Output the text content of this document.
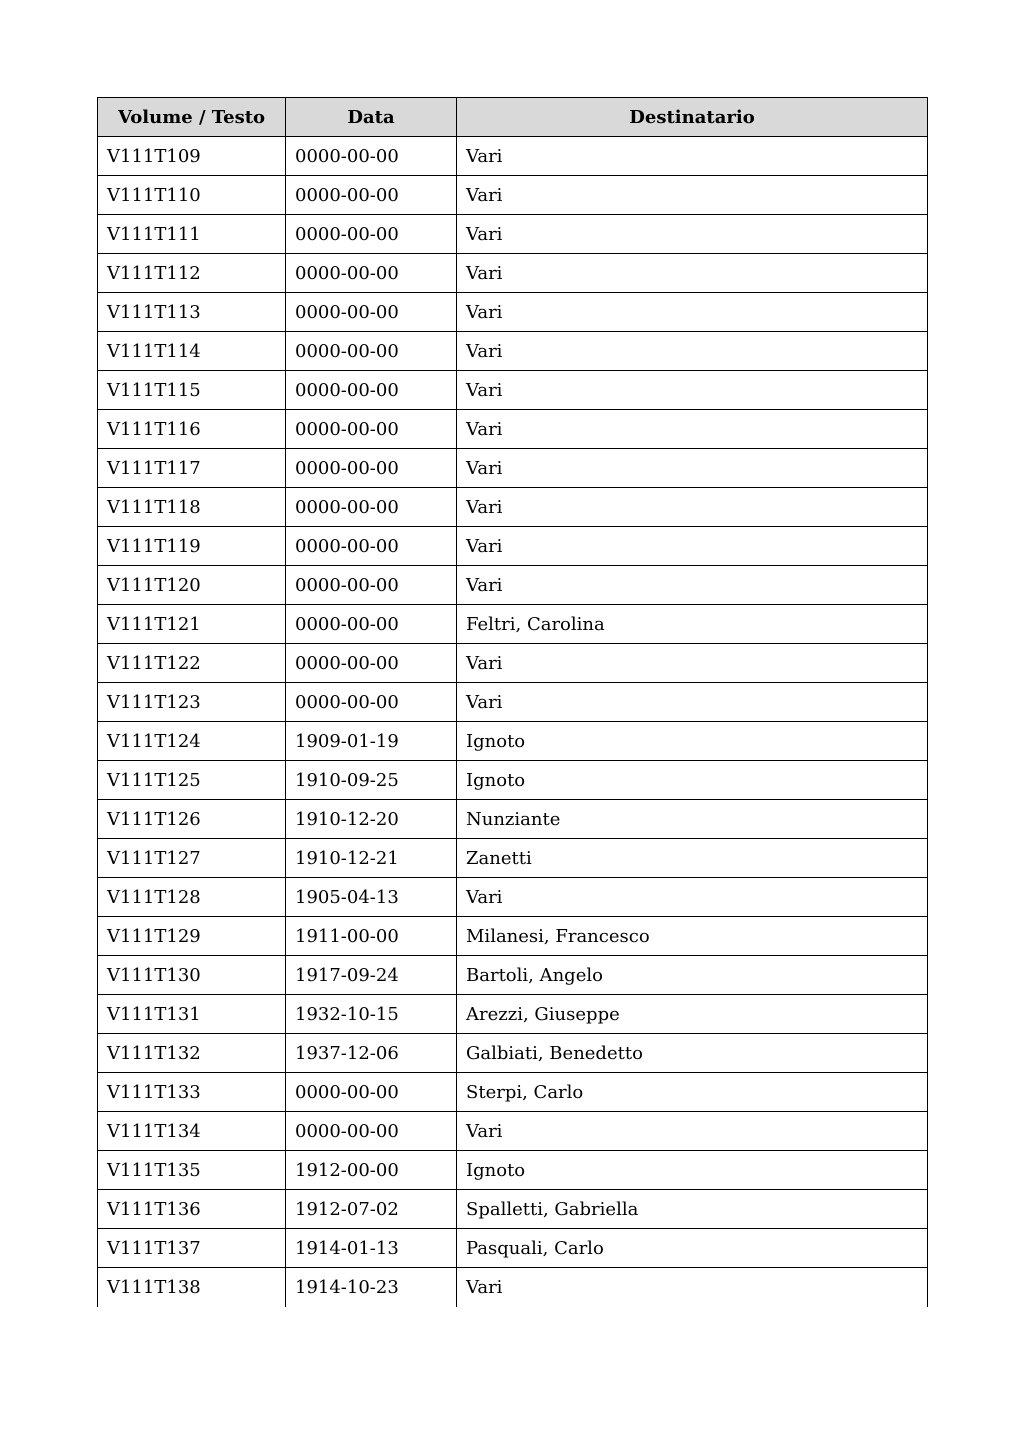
Volume / Testo	Data	Destinatario
V111T109	0000-00-00	Vari
V111T110	0000-00-00	Vari
V111T111	0000-00-00	Vari
V111T112	0000-00-00	Vari
V111T113	0000-00-00	Vari
V111T114	0000-00-00	Vari
V111T115	0000-00-00	Vari
V111T116	0000-00-00	Vari
V111T117	0000-00-00	Vari
V111T118	0000-00-00	Vari
V111T119	0000-00-00	Vari
V111T120	0000-00-00	Vari
V111T121	0000-00-00	Feltri, Carolina
V111T122	0000-00-00	Vari
V111T123	0000-00-00	Vari
V111T124	1909-01-19	Ignoto
V111T125	1910-09-25	Ignoto
V111T126	1910-12-20	Nunziante
V111T127	1910-12-21	Zanetti
V111T128	1905-04-13	Vari
V111T129	1911-00-00	Milanesi, Francesco
V111T130	1917-09-24	Bartoli, Angelo
V111T131	1932-10-15	Arezzi, Giuseppe
V111T132	1937-12-06	Galbiati, Benedetto
V111T133	0000-00-00	Sterpi, Carlo
V111T134	0000-00-00	Vari
V111T135	1912-00-00	Ignoto
V111T136	1912-07-02	Spalletti, Gabriella
V111T137	1914-01-13	Pasquali, Carlo
V111T138	1914-10-23	Vari
